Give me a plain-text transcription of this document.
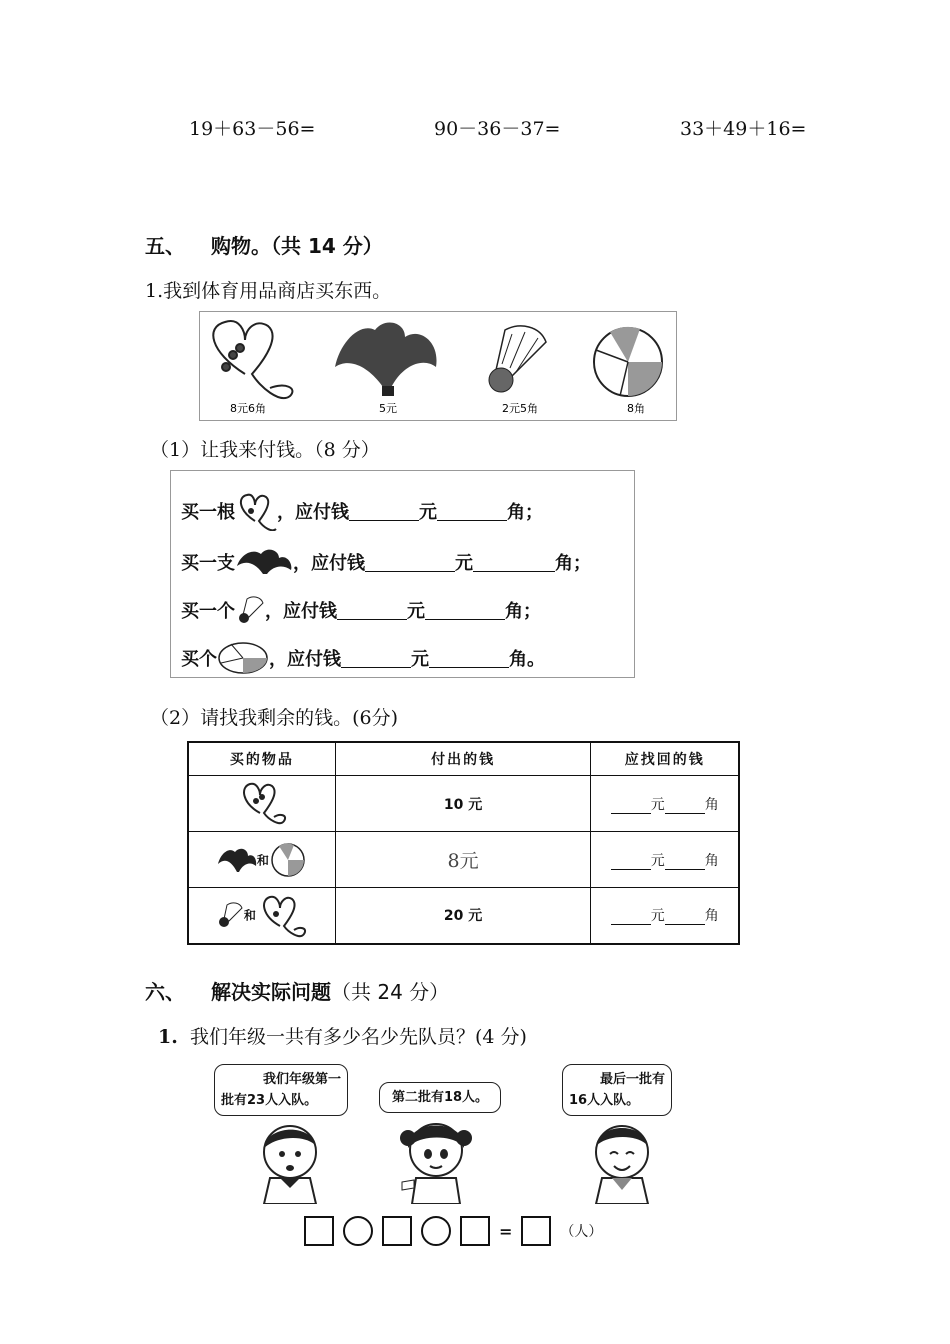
19＋63－56=	90－36－37=	33＋49＋16=
五、 购物。（共 14 分）
1.我到体育用品商店买东西。
8元6角	5元	2元5角	8角
（1）让我来付钱。（8 分）
买一根 ，应付钱	元	角；
买一支	，应付钱	元	角；
买一个 ，应付钱	元	角；
买个	，应付钱	元	角。
（2）请找我剩余的钱。(6分)
买的物品	付出的钱	应找回的钱
	10 元	元 角
和	8元	元 角
和	20 元	元 角
六、 解决实际问题（共 24 分）
1. 我们年级一共有多少名少先队员？(4 分)
我们年级第一
批有23人入队。	第二批有18人。
最后一批有
16人入队。
=	（人）
